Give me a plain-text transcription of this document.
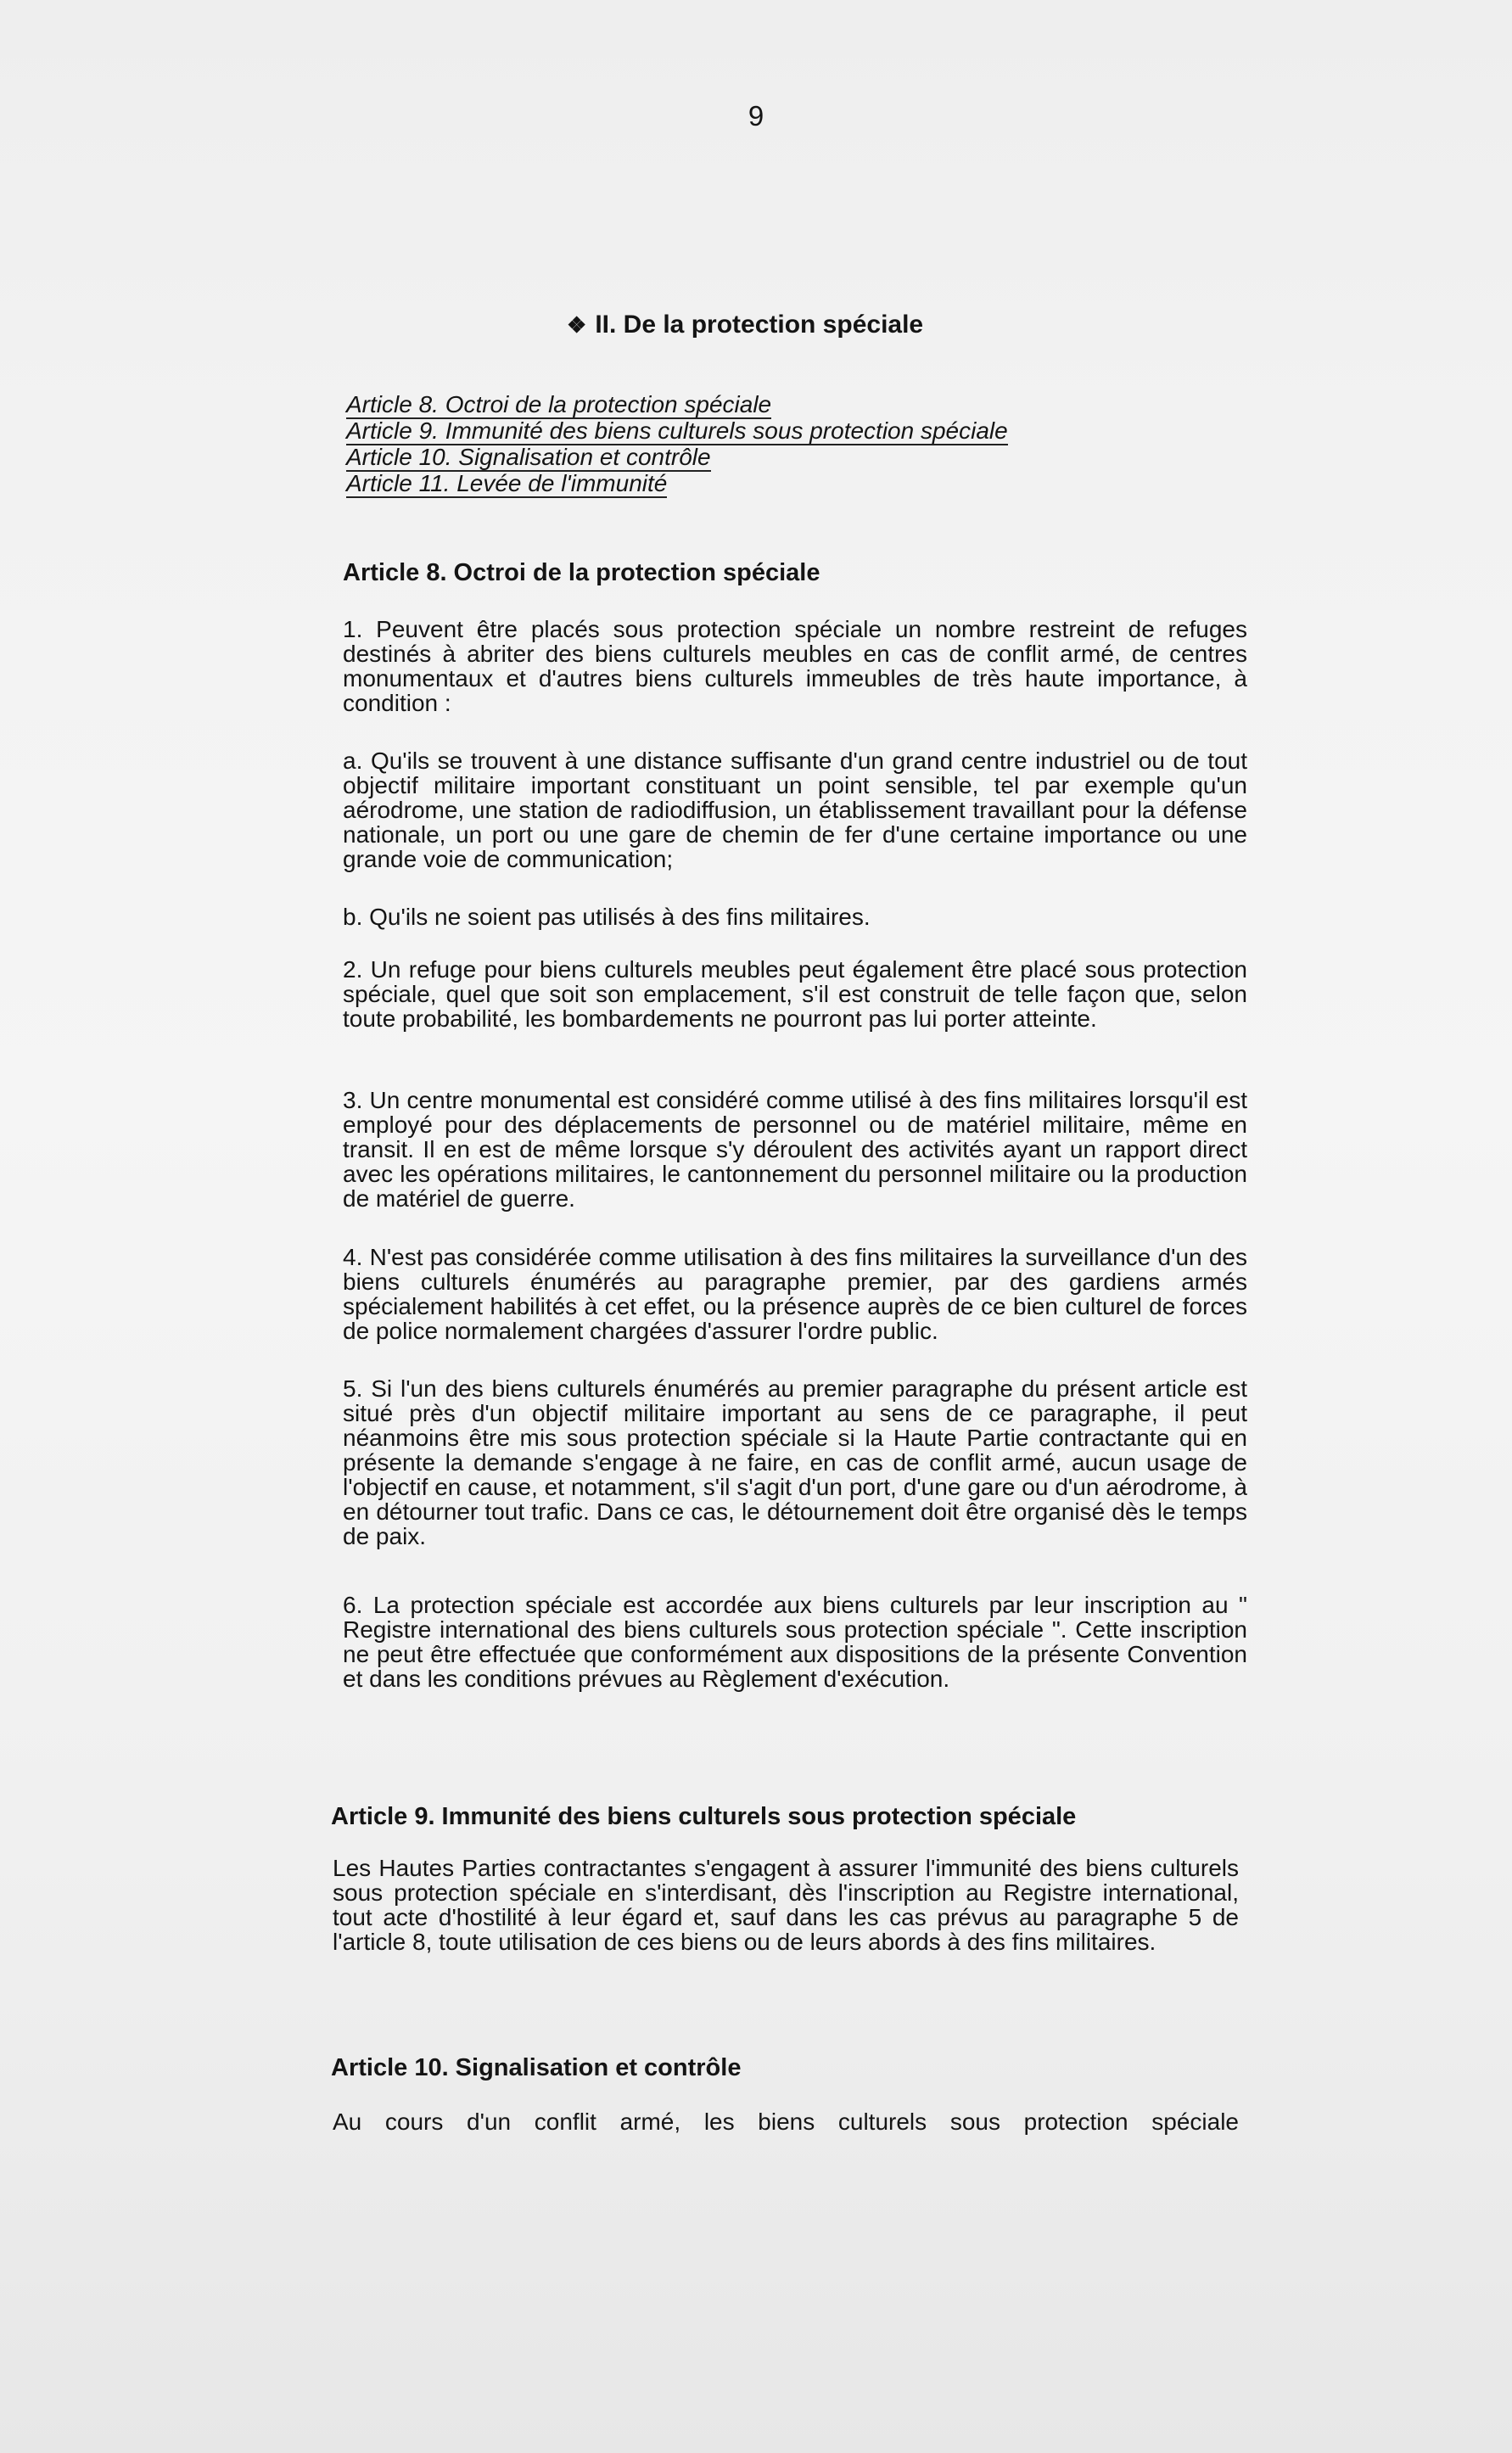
9
❖ II. De la protection spéciale
Article 8. Octroi de la protection spéciale
Article 9. Immunité des biens culturels sous protection spéciale
Article 10. Signalisation et contrôle
Article 11. Levée de l'immunité
Article 8. Octroi de la protection spéciale

1. Peuvent être placés sous protection spéciale un nombre restreint de refuges destinés à abriter des biens culturels meubles en cas de conflit armé, de centres monumentaux et d'autres biens culturels immeubles de très haute importance, à condition :

a. Qu'ils se trouvent à une distance suffisante d'un grand centre industriel ou de tout objectif militaire important constituant un point sensible, tel par exemple qu'un aérodrome, une station de radiodiffusion, un établissement travaillant pour la défense nationale, un port ou une gare de chemin de fer d'une certaine importance ou une grande voie de communication;

b. Qu'ils ne soient pas utilisés à des fins militaires.

2. Un refuge pour biens culturels meubles peut également être placé sous protection spéciale, quel que soit son emplacement, s'il est construit de telle façon que, selon toute probabilité, les bombardements ne pourront pas lui porter atteinte.

3. Un centre monumental est considéré comme utilisé à des fins militaires lorsqu'il est employé pour des déplacements de personnel ou de matériel militaire, même en transit. Il en est de même lorsque s'y déroulent des activités ayant un rapport direct avec les opérations militaires, le cantonnement du personnel militaire ou la production de matériel de guerre.

4. N'est pas considérée comme utilisation à des fins militaires la surveillance d'un des biens culturels énumérés au paragraphe premier, par des gardiens armés spécialement habilités à cet effet, ou la présence auprès de ce bien culturel de forces de police normalement chargées d'assurer l'ordre public.

5. Si l'un des biens culturels énumérés au premier paragraphe du présent article est situé près d'un objectif militaire important au sens de ce paragraphe, il peut néanmoins être mis sous protection spéciale si la Haute Partie contractante qui en présente la demande s'engage à ne faire, en cas de conflit armé, aucun usage de l'objectif en cause, et notamment, s'il s'agit d'un port, d'une gare ou d'un aérodrome, à en détourner tout trafic. Dans ce cas, le détournement doit être organisé dès le temps de paix.

6. La protection spéciale est accordée aux biens culturels par leur inscription au " Registre international des biens culturels sous protection spéciale ". Cette inscription ne peut être effectuée que conformément aux dispositions de la présente Convention et dans les conditions prévues au Règlement d'exécution.

Article 9. Immunité des biens culturels sous protection spéciale

Les Hautes Parties contractantes s'engagent à assurer l'immunité des biens culturels sous protection spéciale en s'interdisant, dès l'inscription au Registre international, tout acte d'hostilité à leur égard et, sauf dans les cas prévus au paragraphe 5 de l'article 8, toute utilisation de ces biens ou de leurs abords à des fins militaires.

Article 10. Signalisation et contrôle

Au cours d'un conflit armé, les biens culturels sous protection spéciale
